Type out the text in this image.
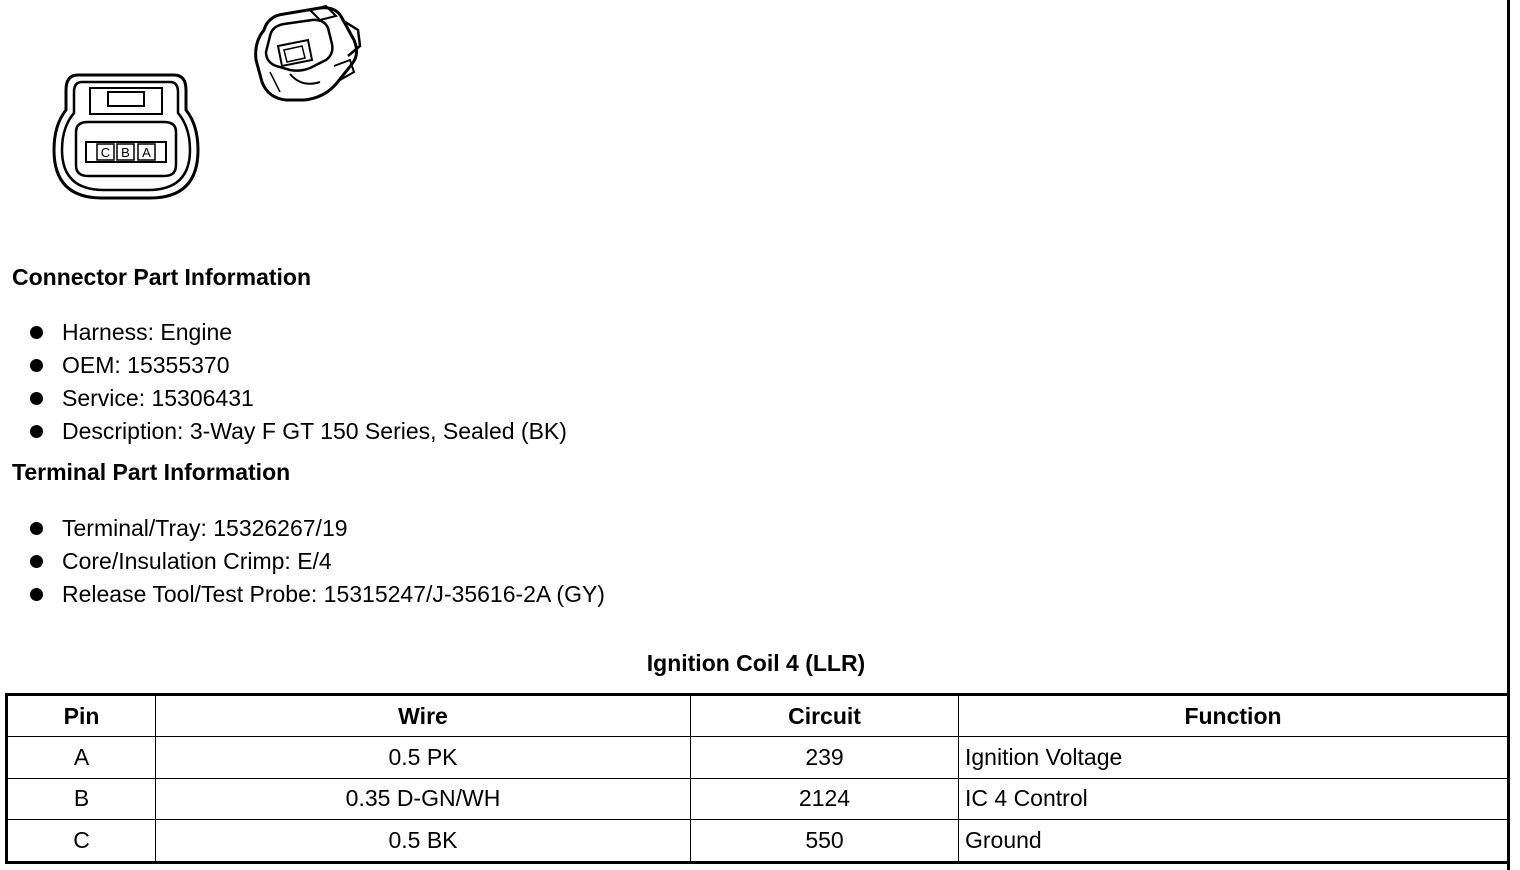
C B A
Connector Part Information
Harness: Engine
OEM: 15355370
Service: 15306431
Description: 3-Way F GT 150 Series, Sealed (BK)
Terminal Part Information
Terminal/Tray: 15326267/19
Core/Insulation Crimp: E/4
Release Tool/Test Probe: 15315247/J-35616-2A (GY)
Ignition Coil 4 (LLR)
Pin	Wire	Circuit	Function
A	0.5 PK	239	Ignition Voltage
B	0.35 D-GN/WH	2124	IC 4 Control
C	0.5 BK	550	Ground
